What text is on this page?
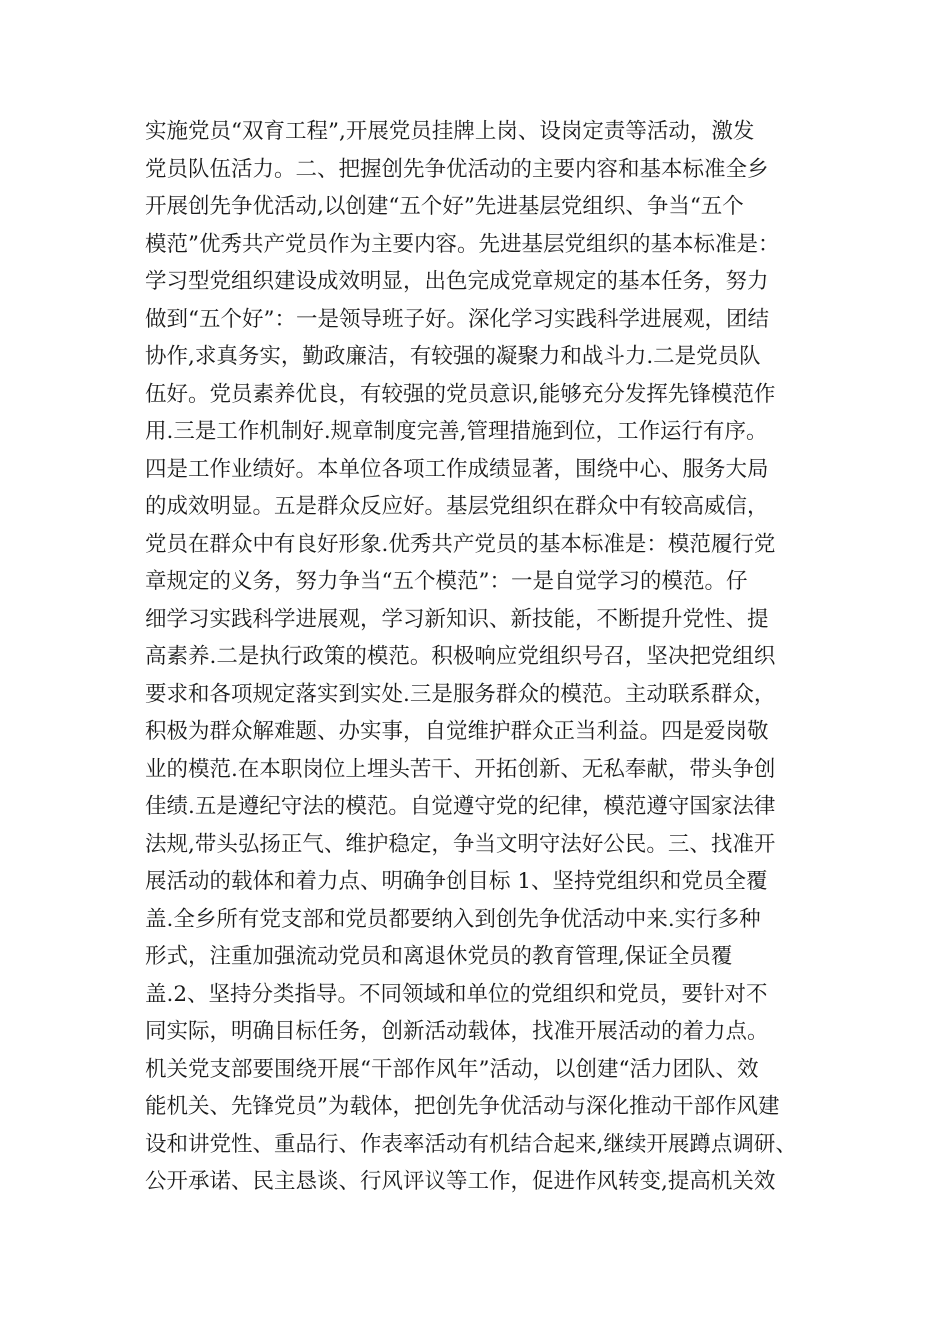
实施党员“双育工程”,开展党员挂牌上岗、设岗定责等活动，激发
党员队伍活力。二、把握创先争优活动的主要内容和基本标准全乡
开展创先争优活动,以创建“五个好”先进基层党组织、争当“五个
模范”优秀共产党员作为主要内容。先进基层党组织的基本标准是：
学习型党组织建设成效明显，出色完成党章规定的基本任务，努力
做到“五个好”：一是领导班子好。深化学习实践科学进展观，团结
协作,求真务实，勤政廉洁，有较强的凝聚力和战斗力.二是党员队
伍好。党员素养优良，有较强的党员意识,能够充分发挥先锋模范作
用.三是工作机制好.规章制度完善,管理措施到位，工作运行有序。
四是工作业绩好。本单位各项工作成绩显著，围绕中心、服务大局
的成效明显。五是群众反应好。基层党组织在群众中有较高威信，
党员在群众中有良好形象.优秀共产党员的基本标准是：模范履行党
章规定的义务，努力争当“五个模范”：一是自觉学习的模范。仔
细学习实践科学进展观，学习新知识、新技能，不断提升党性、提
高素养.二是执行政策的模范。积极响应党组织号召，坚决把党组织
要求和各项规定落实到实处.三是服务群众的模范。主动联系群众，
积极为群众解难题、办实事，自觉维护群众正当利益。四是爱岗敬
业的模范.在本职岗位上埋头苦干、开拓创新、无私奉献，带头争创
佳绩.五是遵纪守法的模范。自觉遵守党的纪律，模范遵守国家法律
法规,带头弘扬正气、维护稳定，争当文明守法好公民。三、找准开
展活动的载体和着力点、明确争创目标 1、坚持党组织和党员全覆
盖.全乡所有党支部和党员都要纳入到创先争优活动中来.实行多种
形式，注重加强流动党员和离退休党员的教育管理,保证全员覆
盖.2、坚持分类指导。不同领域和单位的党组织和党员，要针对不
同实际，明确目标任务，创新活动载体，找准开展活动的着力点。
机关党支部要围绕开展“干部作风年”活动，以创建“活力团队、效
能机关、先锋党员”为载体，把创先争优活动与深化推动干部作风建
设和讲党性、重品行、作表率活动有机结合起来,继续开展蹲点调研、
公开承诺、民主恳谈、行风评议等工作，促进作风转变,提高机关效
